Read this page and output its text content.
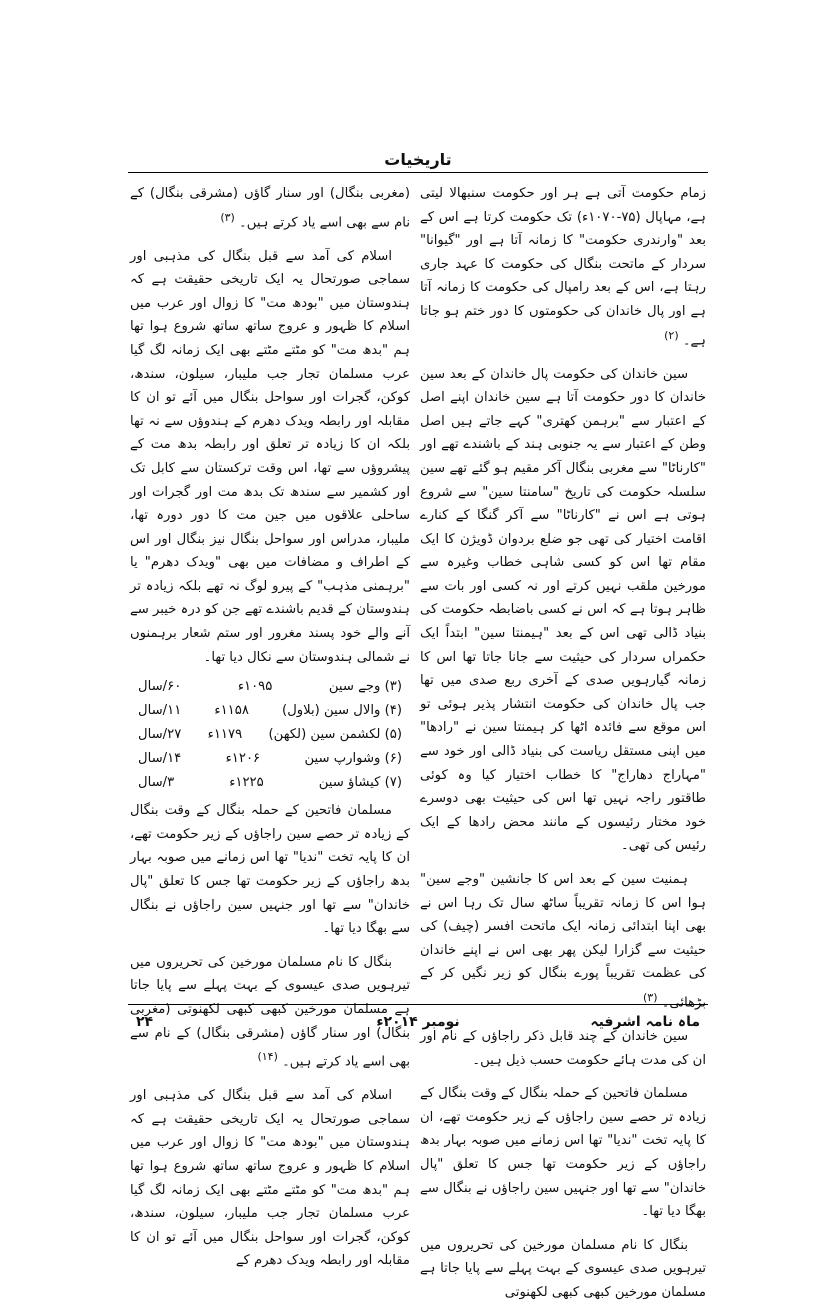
تاریخیات

زمام حکومت آتی ہے ہر اور حکومت سنبھالا لیتی ہے، مہاپال (۷۵-۱۰۷۰ء) تک حکومت کرتا ہے اس کے بعد "وارندری حکومت" کا زمانہ آتا ہے اور "گیوانا" سردار کے ماتحت بنگال کی حکومت کا عہد جاری رہتا ہے، اس کے بعد رامپال کی حکومت کا زمانہ آتا ہے اور پال خاندان کی حکومتوں کا دور ختم ہو جاتا ہے۔ $^{(۲)}$

سین خاندان کی حکومت پال خاندان کے بعد سین خاندان کا دور حکومت آتا ہے سین خاندان اپنے اصل کے اعتبار سے "برہمن کھتری" کہے جاتے ہیں اصل وطن کے اعتبار سے یہ جنوبی ہند کے باشندے تھے اور "کارناٹا" سے مغربی بنگال آکر مقیم ہو گئے تھے سین سلسلہ حکومت کی تاریخ "سامنتا سین" سے شروع ہوتی ہے اس نے "کارناٹا" سے آکر گنگا کے کنارے اقامت اختیار کی تھی جو ضلع بردوان ڈویژن کا ایک مقام تھا اس کو کسی شاہی خطاب وغیرہ سے مورخین ملقب نہیں کرتے اور نہ کسی اور بات سے ظاہر ہوتا ہے کہ اس نے کسی باضابطہ حکومت کی بنیاد ڈالی تھی اس کے بعد "ہیمنتا سین" ابتداً ایک حکمراں سردار کی حیثیت سے جانا جاتا تھا اس کا زمانہ گیارہویں صدی کے آخری ربع صدی میں تھا جب پال خاندان کی حکومت انتشار پذیر ہوئی تو اس موقع سے فائدہ اٹھا کر ہیمنتا سین نے "رادھا" میں اپنی مستقل ریاست کی بنیاد ڈالی اور خود سے "مہاراج دھاراج" کا خطاب اختیار کیا وہ کوئی طاقتور راجہ نہیں تھا اس کی حیثیت بھی دوسرے خود مختار رئیسوں کے مانند محض رادھا کے ایک رئیس کی تھی۔

ہمنیت سین کے بعد اس کا جانشین "وجے سین" ہوا اس کا زمانہ تقریباً ساٹھ سال تک رہا اس نے بھی اپنا ابتدائی زمانہ ایک ماتحت افسر (چیف) کی حیثیت سے گزارا لیکن پھر بھی اس نے اپنے خاندان کی عظمت تقریباً پورے بنگال کو زیر نگیں کر کے بڑھائی۔ $^{(۳)}$

سین خاندان کے چند قابل ذکر راجاؤں کے نام اور ان کی مدت ہائے حکومت حسب ذیل ہیں۔

مسلمان فاتحین کے حملہ بنگال کے وقت بنگال کے زیادہ تر حصے سین راجاؤں کے زیر حکومت تھے، ان کا پایہ تخت "ندیا" تھا اس زمانے میں صوبہ بہار بدھ راجاؤں کے زیر حکومت تھا جس کا تعلق "پال خاندان" سے تھا اور جنہیں سین راجاؤں نے بنگال سے بھگا دیا تھا۔

بنگال کا نام مسلمان مورخین کی تحریروں میں تیرہویں صدی عیسوی کے بہت پہلے سے پایا جاتا ہے مسلمان مورخین کبھی کبھی لکھنوتی

(مغربی بنگال) اور سنار گاؤں (مشرقی بنگال) کے نام سے بھی اسے یاد کرتے ہیں۔ $^{(۳)}$

اسلام کی آمد سے قبل بنگال کی مذہبی اور سماجی صورتحال یہ ایک تاریخی حقیقت ہے کہ ہندوستان میں "بودھ مت" کا زوال اور عرب میں اسلام کا ظہور و عروج ساتھ ساتھ شروع ہوا تھا ہم "بدھ مت" کو مٹتے مٹتے بھی ایک زمانہ لگ گیا عرب مسلمان تجار جب ملیبار، سیلون، سندھ، کوکن، گجرات اور سواحل بنگال میں آئے تو ان کا مقابلہ اور رابطہ ویدک دھرم کے ہندوؤں سے نہ تھا بلکہ ان کا زیادہ تر تعلق اور رابطہ بدھ مت کے پیشروؤں سے تھا، اس وقت ترکستان سے کابل تک اور کشمیر سے سندھ تک بدھ مت اور گجرات اور ساحلی علاقوں میں جین مت کا دور دورہ تھا، ملیبار، مدراس اور سواحل بنگال نیز بنگال اور اس کے اطراف و مضافات میں بھی "ویدک دھرم" یا "برہمنی مذہب" کے پیرو لوگ نہ تھے بلکہ زیادہ تر ہندوستان کے قدیم باشندے تھے جن کو درہ خیبر سے آنے والے خود پسند مغرور اور ستم شعار برہمنوں نے شمالی ہندوستان سے نکال دیا تھا۔

(۳) وجے سین
۱۰۹۵ء
۶۰/سال
(۴) والال سین (بلاول)
۱۱۵۸ء
۱۱/سال
(۵) لکشمن سین (لکھن)
۱۱۷۹ء
۲۷/سال
(۶) وشوارپ سین
۱۲۰۶ء
۱۴/سال
(۷) کیشاؤ سین
۱۲۲۵ء
۳/سال

مسلمان فاتحین کے حملہ بنگال کے وقت بنگال کے زیادہ تر حصے سین راجاؤں کے زیر حکومت تھے، ان کا پایہ تخت "ندیا" تھا اس زمانے میں صوبہ بہار بدھ راجاؤں کے زیر حکومت تھا جس کا تعلق "پال خاندان" سے تھا اور جنہیں سین راجاؤں نے بنگال سے بھگا دیا تھا۔

بنگال کا نام مسلمان مورخین کی تحریروں میں تیرہویں صدی عیسوی کے بہت پہلے سے پایا جاتا ہے مسلمان مورخین کبھی کبھی لکھنوتی (مغربی بنگال) اور سنار گاؤں (مشرقی بنگال) کے نام سے بھی اسے یاد کرتے ہیں۔ $^{(۱۴)}$

اسلام کی آمد سے قبل بنگال کی مذہبی اور سماجی صورتحال یہ ایک تاریخی حقیقت ہے کہ ہندوستان میں "بودھ مت" کا زوال اور عرب میں اسلام کا ظہور و عروج ساتھ ساتھ شروع ہوا تھا ہم "بدھ مت" کو مٹتے مٹتے بھی ایک زمانہ لگ گیا عرب مسلمان تجار جب ملیبار، سیلون، سندھ، کوکن، گجرات اور سواحل بنگال میں آئے تو ان کا مقابلہ اور رابطہ ویدک دھرم کے

ماہ نامہ اشرفیہ
نومبر ۲۰۱۴ء
۲۴
